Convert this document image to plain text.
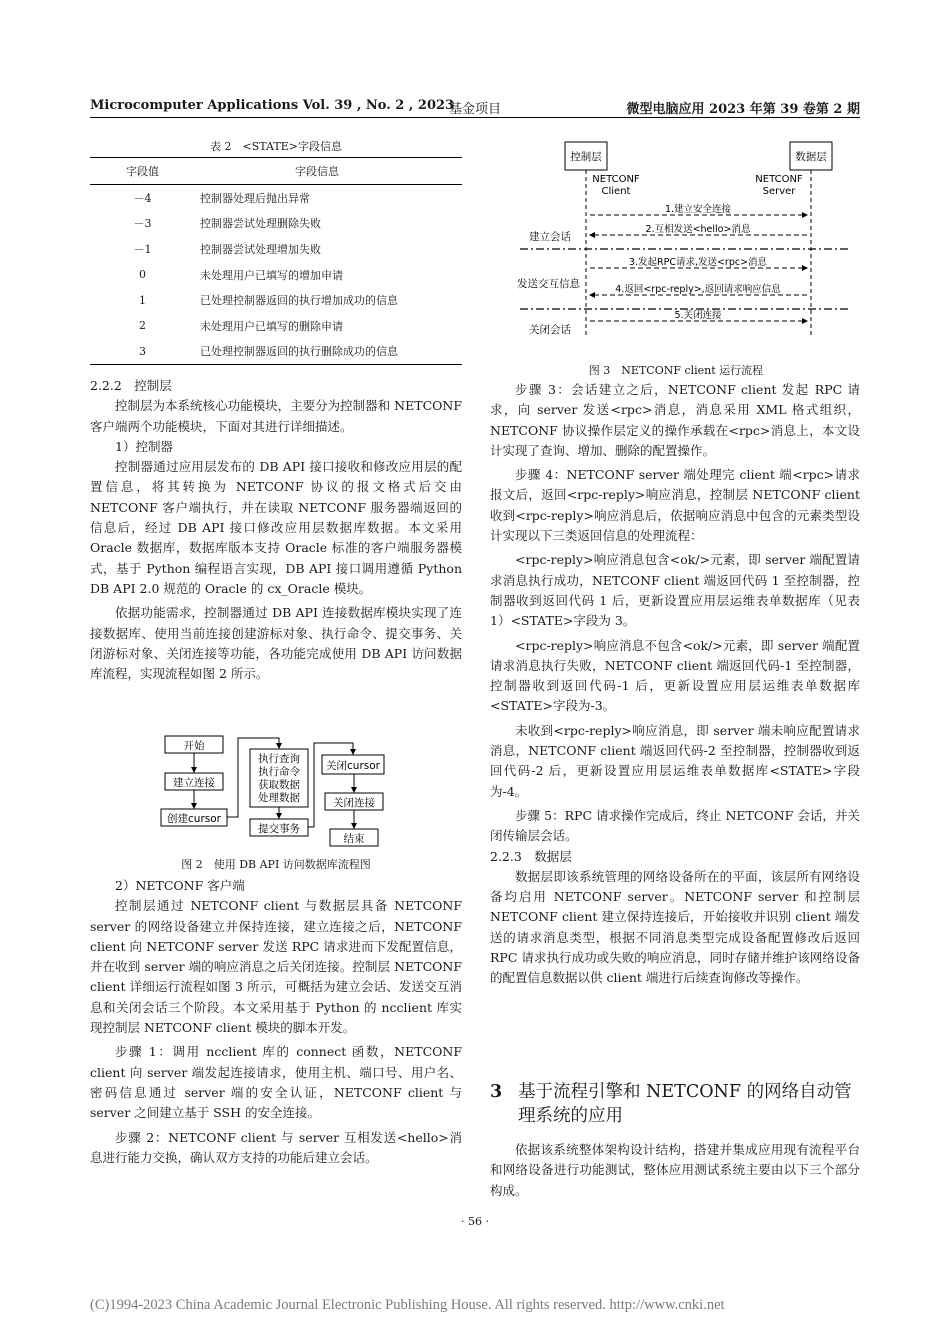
Microcomputer Applications Vol. 39 , No. 2 , 2023
基金项目	微型电脑应用 2023 年第 39 卷第 2 期
表 2　<STATE>字段信息
字段值	字段信息
－4	控制器处理后抛出异常
－3	控制器尝试处理删除失败
－1	控制器尝试处理增加失败
0	未处理用户已填写的增加申请
1	已处理控制器返回的执行增加成功的信息
2	未处理用户已填写的删除申请
3	已处理控制器返回的执行删除成功的信息

2.2.2　控制层

控制层为本系统核心功能模块，主要分为控制器和 NETCONF 客户端两个功能模块，下面对其进行详细描述。

1）控制器

控制器通过应用层发布的 DB API 接口接收和修改应用层的配置信息，将其转换为 NETCONF 协议的报文格式后交由 NETCONF 客户端执行，并在读取 NETCONF 服务器端返回的信息后，经过 DB API 接口修改应用层数据库数据。本文采用 Oracle 数据库，数据库版本支持 Oracle 标准的客户端服务器模式，基于 Python 编程语言实现，DB API 接口调用遵循 Python DB API 2.0 规范的 Oracle 的 cx_Oracle 模块。

依据功能需求，控制器通过 DB API 连接数据库模块实现了连接数据库、使用当前连接创建游标对象、执行命令、提交事务、关闭游标对象、关闭连接等功能，各功能完成使用 DB API 访问数据库流程，实现流程如图 2 所示。

开始
建立连接
创建cursor
执行查询
执行命令
获取数据
处理数据
提交事务
关闭cursor
关闭连接
结束
图 2　使用 DB API 访问数据库流程图

2）NETCONF 客户端

控制层通过 NETCONF client 与数据层具备 NETCONF server 的网络设备建立并保持连接，建立连接之后，NETCONF client 向 NETCONF server 发送 RPC 请求进而下发配置信息，并在收到 server 端的响应消息之后关闭连接。控制层 NETCONF client 详细运行流程如图 3 所示，可概括为建立会话、发送交互消息和关闭会话三个阶段。本文采用基于 Python 的 ncclient 库实现控制层 NETCONF client 模块的脚本开发。

步骤 1：调用 ncclient 库的 connect 函数，NETCONF client 向 server 端发起连接请求，使用主机、端口号、用户名、密码信息通过 server 端的安全认证，NETCONF client 与 server 之间建立基于 SSH 的安全连接。

步骤 2：NETCONF client 与 server 互相发送<hello>消息进行能力交换，确认双方支持的功能后建立会话。

控制层	数据层
NETCONF
Client
NETCONF
Server
建立会话
发送交互信息
关闭会话
1.建立安全连接
2.互相发送<hello>消息
3.发起RPC请求,发送<rpc>消息
4.返回<rpc-reply>,返回请求响应信息
5.关闭连接
图 3　NETCONF client 运行流程

步骤 3：会话建立之后，NETCONF client 发起 RPC 请求，向 server 发送<rpc>消息，消息采用 XML 格式组织，NETCONF 协议操作层定义的操作承载在<rpc>消息上，本文设计实现了查询、增加、删除的配置操作。

步骤 4：NETCONF server 端处理完 client 端<rpc>请求报文后，返回<rpc-reply>响应消息，控制层 NETCONF client 收到<rpc-reply>响应消息后，依据响应消息中包含的元素类型设计实现以下三类返回信息的处理流程：

<rpc-reply>响应消息包含<ok/>元素，即 server 端配置请求消息执行成功，NETCONF client 端返回代码 1 至控制器，控制器收到返回代码 1 后，更新设置应用层运维表单数据库（见表 1）<STATE>字段为 3。

<rpc-reply>响应消息不包含<ok/>元素，即 server 端配置请求消息执行失败，NETCONF client 端返回代码-1 至控制器，控制器收到返回代码-1 后，更新设置应用层运维表单数据库<STATE>字段为-3。

未收到<rpc-reply>响应消息，即 server 端未响应配置请求消息，NETCONF client 端返回代码-2 至控制器，控制器收到返回代码-2 后，更新设置应用层运维表单数据库<STATE>字段为-4。

步骤 5：RPC 请求操作完成后，终止 NETCONF 会话，并关闭传输层会话。

2.2.3　数据层

数据层即该系统管理的网络设备所在的平面，该层所有网络设备均启用 NETCONF server。NETCONF server 和控制层 NETCONF client 建立保持连接后，开始接收并识别 client 端发送的请求消息类型，根据不同消息类型完成设备配置修改后返回 RPC 请求执行成功或失败的响应消息，同时存储并维护该网络设备的配置信息数据以供 client 端进行后续查询修改等操作。

3 基于流程引擎和 NETCONF 的网络自动管理系统的应用

依据该系统整体架构设计结构，搭建并集成应用现有流程平台和网络设备进行功能测试，整体应用测试系统主要由以下三个部分构成。

· 56 ·
(C)1994-2023 China Academic Journal Electronic Publishing House. All rights reserved. http://www.cnki.net
